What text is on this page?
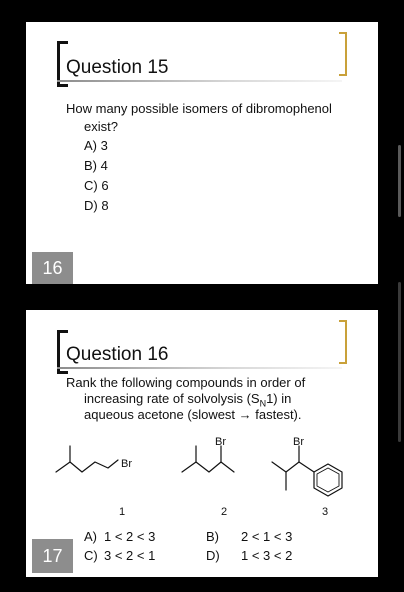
Question 15
How many possible isomers of dibromophenol
exist?
A) 3
B) 4
C) 6
D) 8
16
Question 16
Rank the following compounds in order of
increasing rate of solvolysis $(S_N1)$ in
aqueous acetone (slowest → fastest).
Br
Br	Br
1	2	3
A) 1 < 2 < 3	B) 2 < 1 < 3
C) 3 < 2 < 1	D) 1 < 3 < 2
17
